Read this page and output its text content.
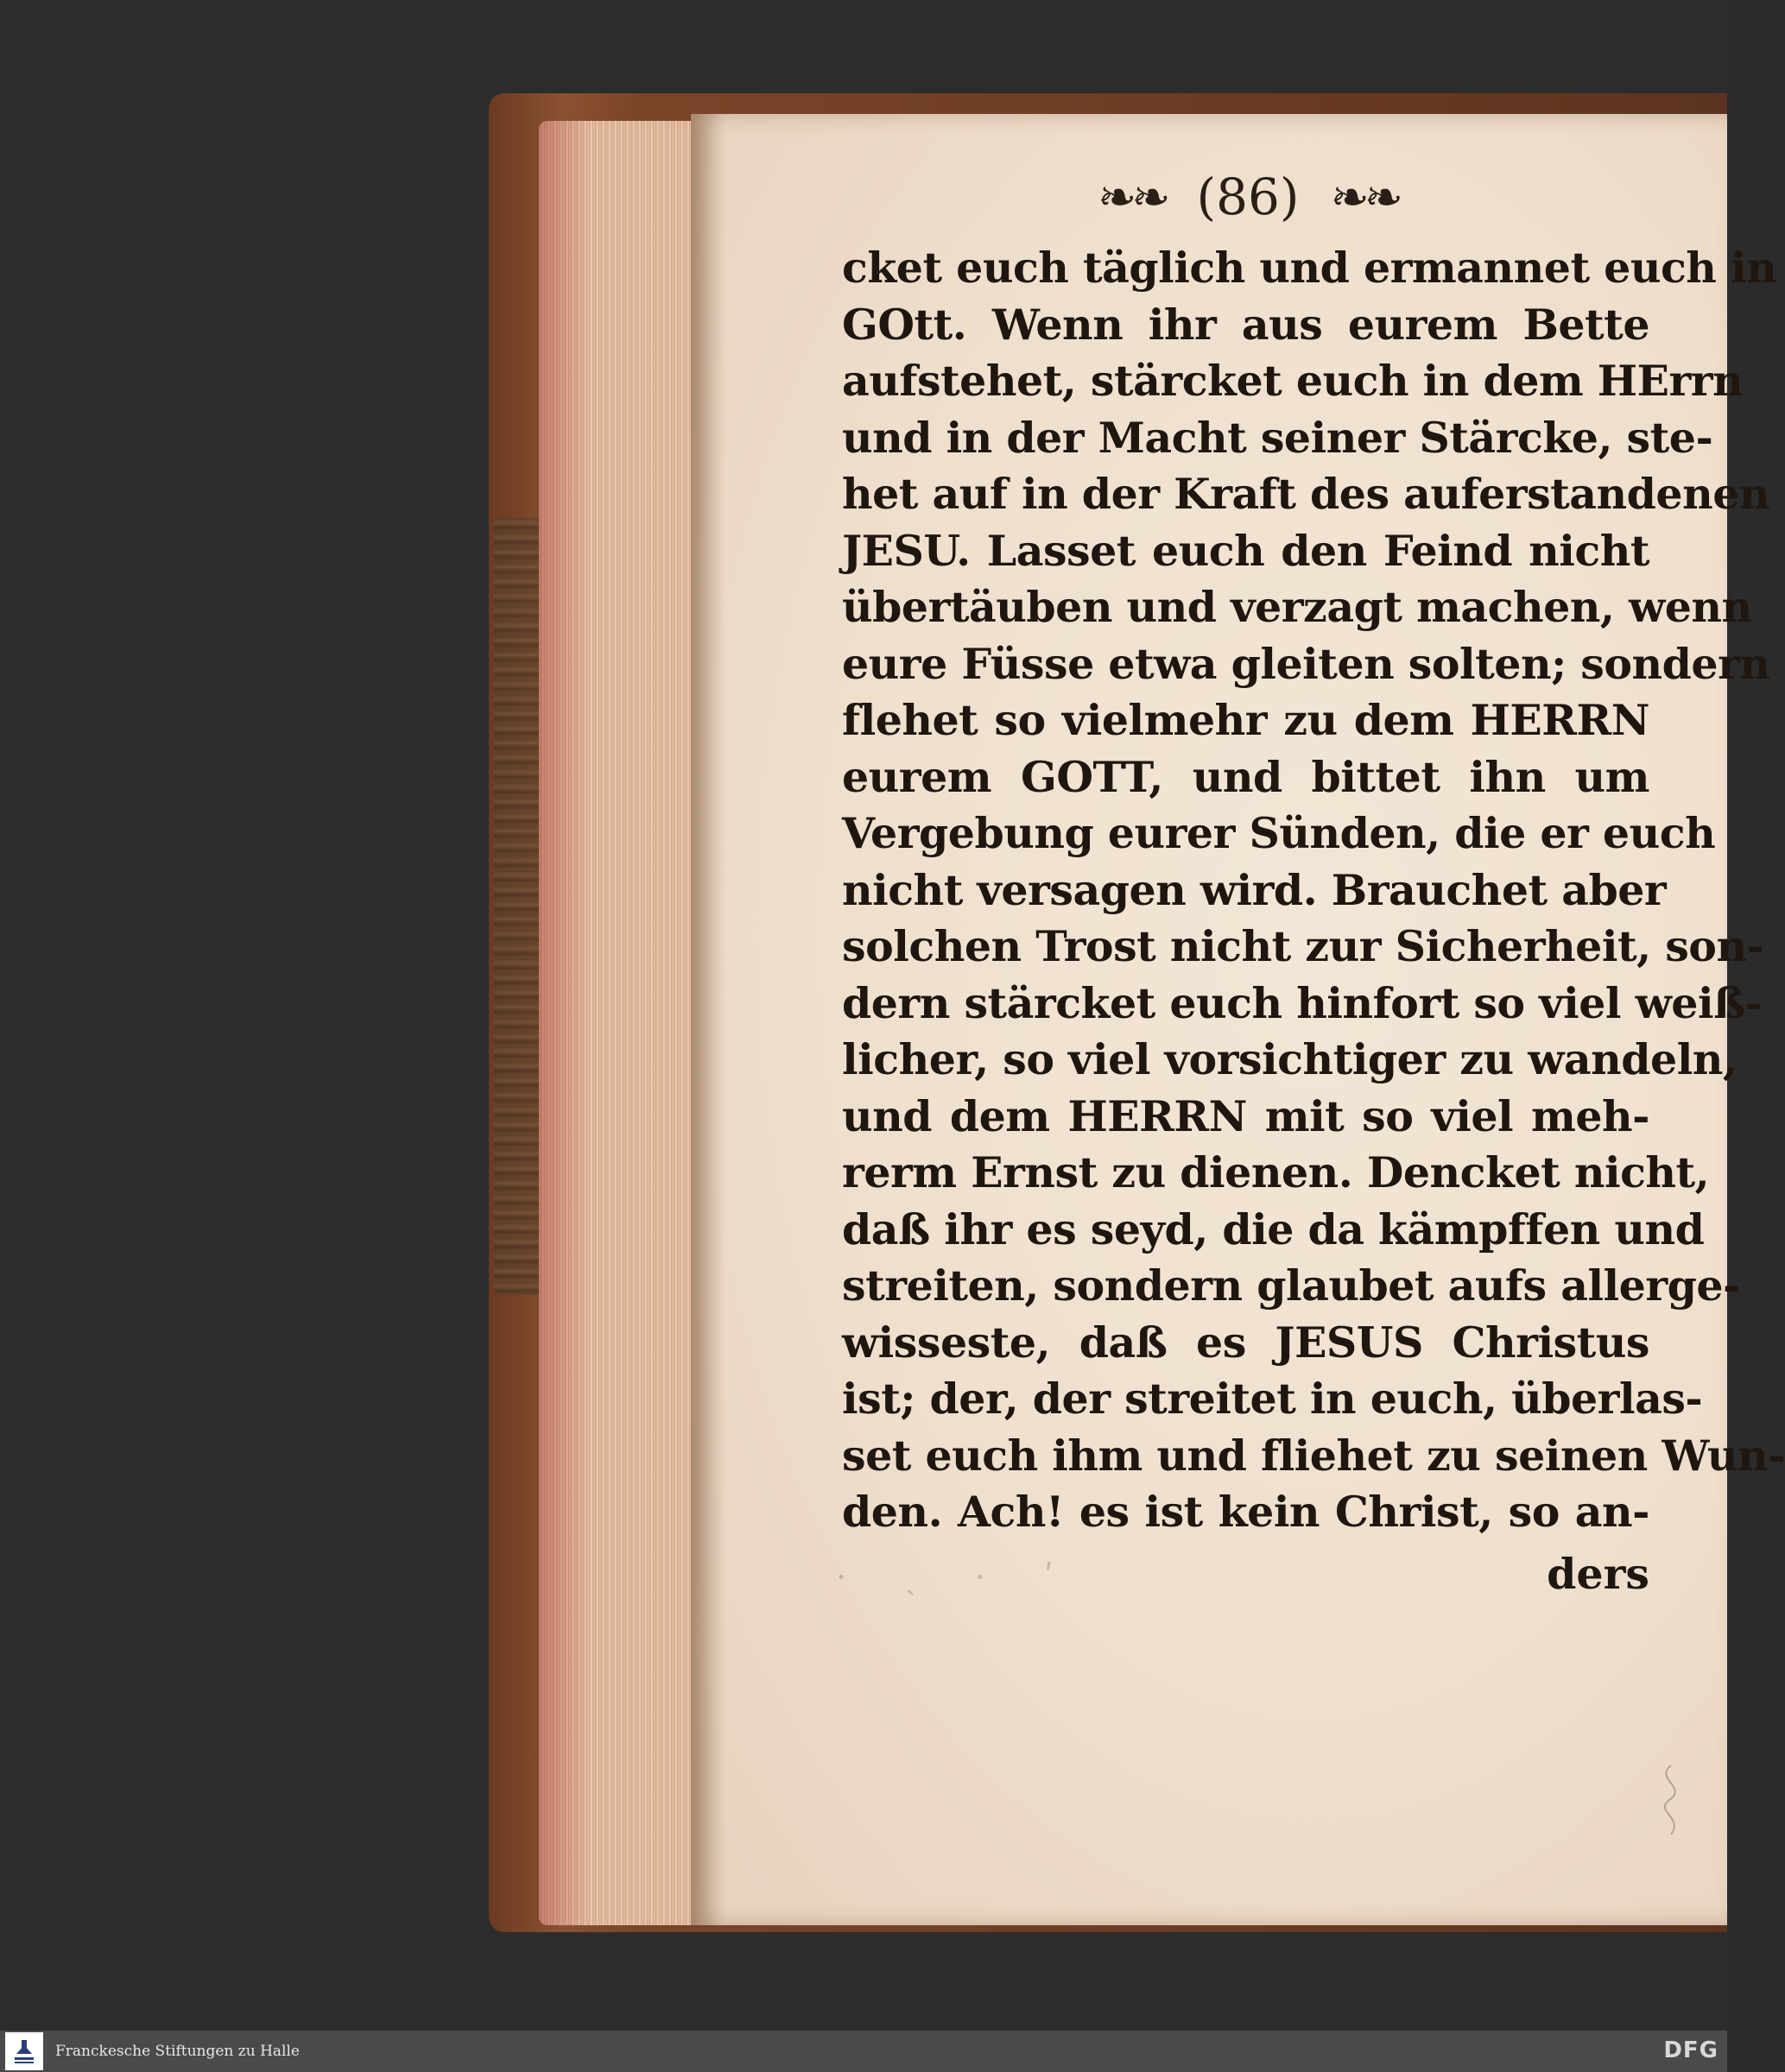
❧❧ (86) ❧❧
cket euch täglich und ermannet euch in
GOtt. Wenn ihr aus eurem Bette
aufstehet, stärcket euch in dem HErrn
und in der Macht seiner Stärcke, ste-
het auf in der Kraft des auferstandenen
JESU. Lasset euch den Feind nicht
übertäuben und verzagt machen, wenn
eure Füsse etwa gleiten solten; sondern
flehet so vielmehr zu dem HERRN
eurem GOTT, und bittet ihn um
Vergebung eurer Sünden, die er euch
nicht versagen wird. Brauchet aber
solchen Trost nicht zur Sicherheit, son-
dern stärcket euch hinfort so viel weiß-
licher, so viel vorsichtiger zu wandeln,
und dem HERRN mit so viel meh-
rerm Ernst zu dienen. Dencket nicht,
daß ihr es seyd, die da kämpffen und
streiten, sondern glaubet aufs allerge-
wisseste, daß es JESUS Christus
ist; der, der streitet in euch, überlas-
set euch ihm und fliehet zu seinen Wun-
den. Ach! es ist kein Christ, so an-
ders
· ˎ · ʹ
Franckesche Stiftungen zu Halle	DFG
